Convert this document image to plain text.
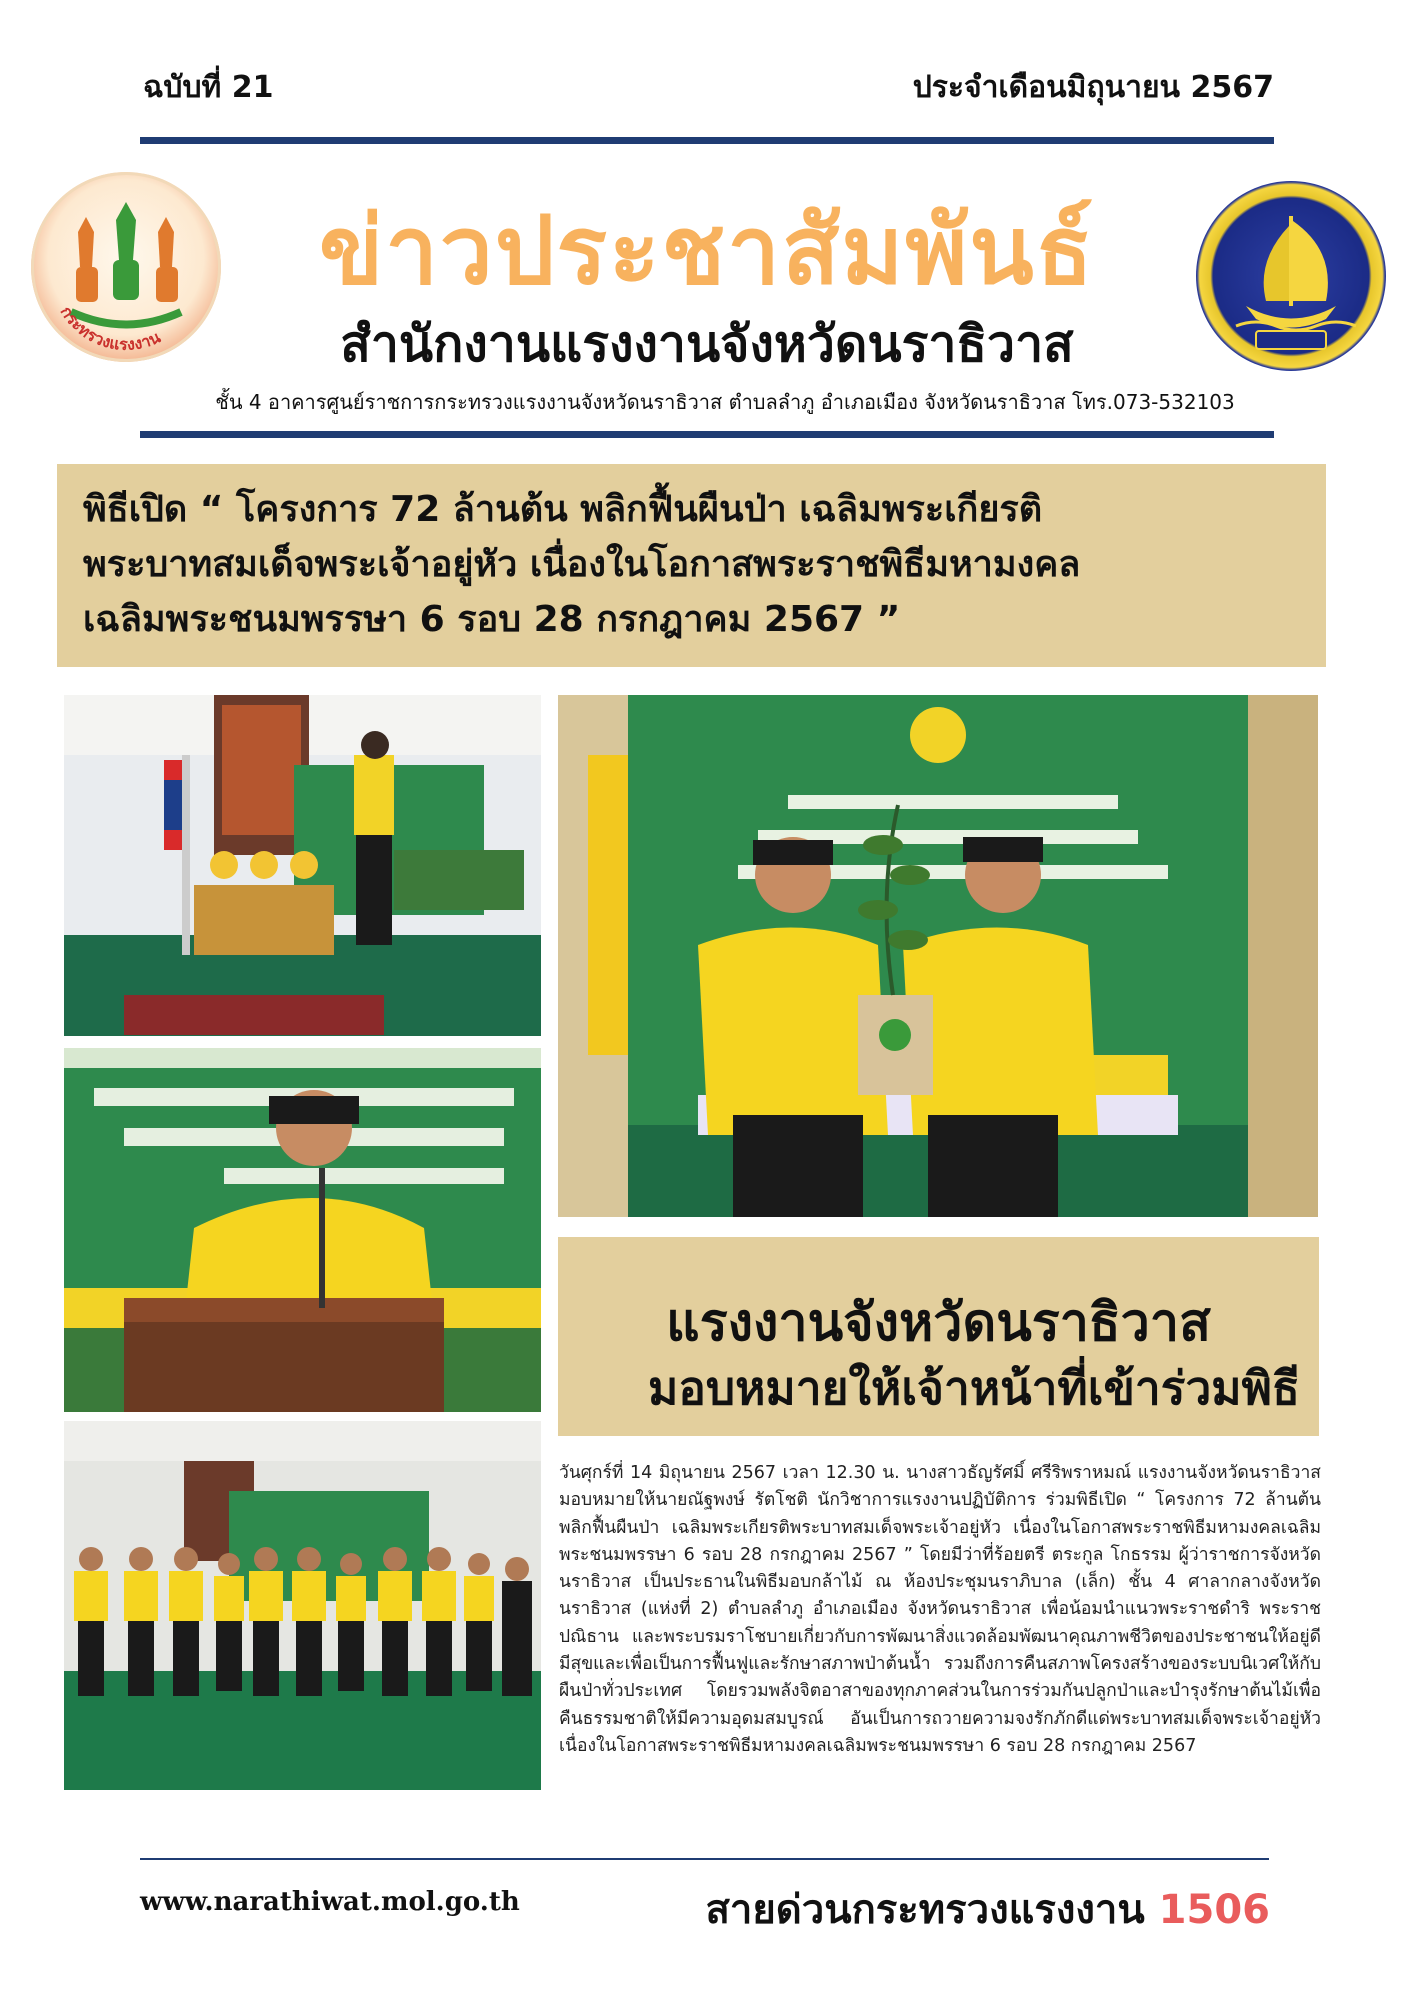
ฉบับที่ 21	ประจำเดือนมิถุนายน 2567
กระทรวงแรงงาน
ข่าวประชาสัมพันธ์
สำนักงานแรงงานจังหวัดนราธิวาส
ชั้น 4 อาคารศูนย์ราชการกระทรวงแรงงานจังหวัดนราธิวาส ตำบลลำภู อำเภอเมือง จังหวัดนราธิวาส โทร.073-532103
พิธีเปิด “ โครงการ 72 ล้านต้น พลิกฟื้นผืนป่า เฉลิมพระเกียรติ
พระบาทสมเด็จพระเจ้าอยู่หัว เนื่องในโอกาสพระราชพิธีมหามงคล
เฉลิมพระชนมพรรษา 6 รอบ 28 กรกฎาคม 2567 ”
แรงงานจังหวัดนราธิวาส
มอบหมายให้เจ้าหน้าที่เข้าร่วมพิธี
วันศุกร์ที่ 14 มิถุนายน 2567 เวลา 12.30 น. นางสาวธัญรัศมิ์ ศรีริพราหมณ์ แรงงานจังหวัดนราธิวาส มอบหมายให้นายณัฐพงษ์ รัตโชติ นักวิชาการแรงงานปฏิบัติการ ร่วมพิธีเปิด “ โครงการ 72 ล้านต้น พลิกฟื้นผืนป่า เฉลิมพระเกียรติพระบาทสมเด็จพระเจ้าอยู่หัว เนื่องในโอกาสพระราชพิธีมหามงคลเฉลิมพระชนมพรรษา 6 รอบ 28 กรกฎาคม 2567 ” โดยมีว่าที่ร้อยตรี ตระกูล โกธรรม ผู้ว่าราชการจังหวัดนราธิวาส เป็นประธานในพิธีมอบกล้าไม้ ณ ห้องประชุมนราภิบาล (เล็ก) ชั้น 4 ศาลากลางจังหวัดนราธิวาส (แห่งที่ 2) ตำบลลำภู อำเภอเมือง จังหวัดนราธิวาส เพื่อน้อมนำแนวพระราชดำริ พระราชปณิธาน และพระบรมราโชบายเกี่ยวกับการพัฒนาสิ่งแวดล้อมพัฒนาคุณภาพชีวิตของประชาชนให้อยู่ดีมีสุขและเพื่อเป็นการฟื้นฟูและรักษาสภาพป่าต้นน้ำ รวมถึงการคืนสภาพโครงสร้างของระบบนิเวศให้กับผืนป่าทั่วประเทศ โดยรวมพลังจิตอาสาของทุกภาคส่วนในการร่วมกันปลูกป่าและบำรุงรักษาต้นไม้เพื่อคืนธรรมชาติให้มีความอุดมสมบูรณ์ อันเป็นการถวายความจงรักภักดีแด่พระบาทสมเด็จพระเจ้าอยู่หัว เนื่องในโอกาสพระราชพิธีมหามงคลเฉลิมพระชนมพรรษา 6 รอบ 28 กรกฎาคม 2567
www.narathiwat.mol.go.th	สายด่วนกระทรวงแรงงาน 1506
